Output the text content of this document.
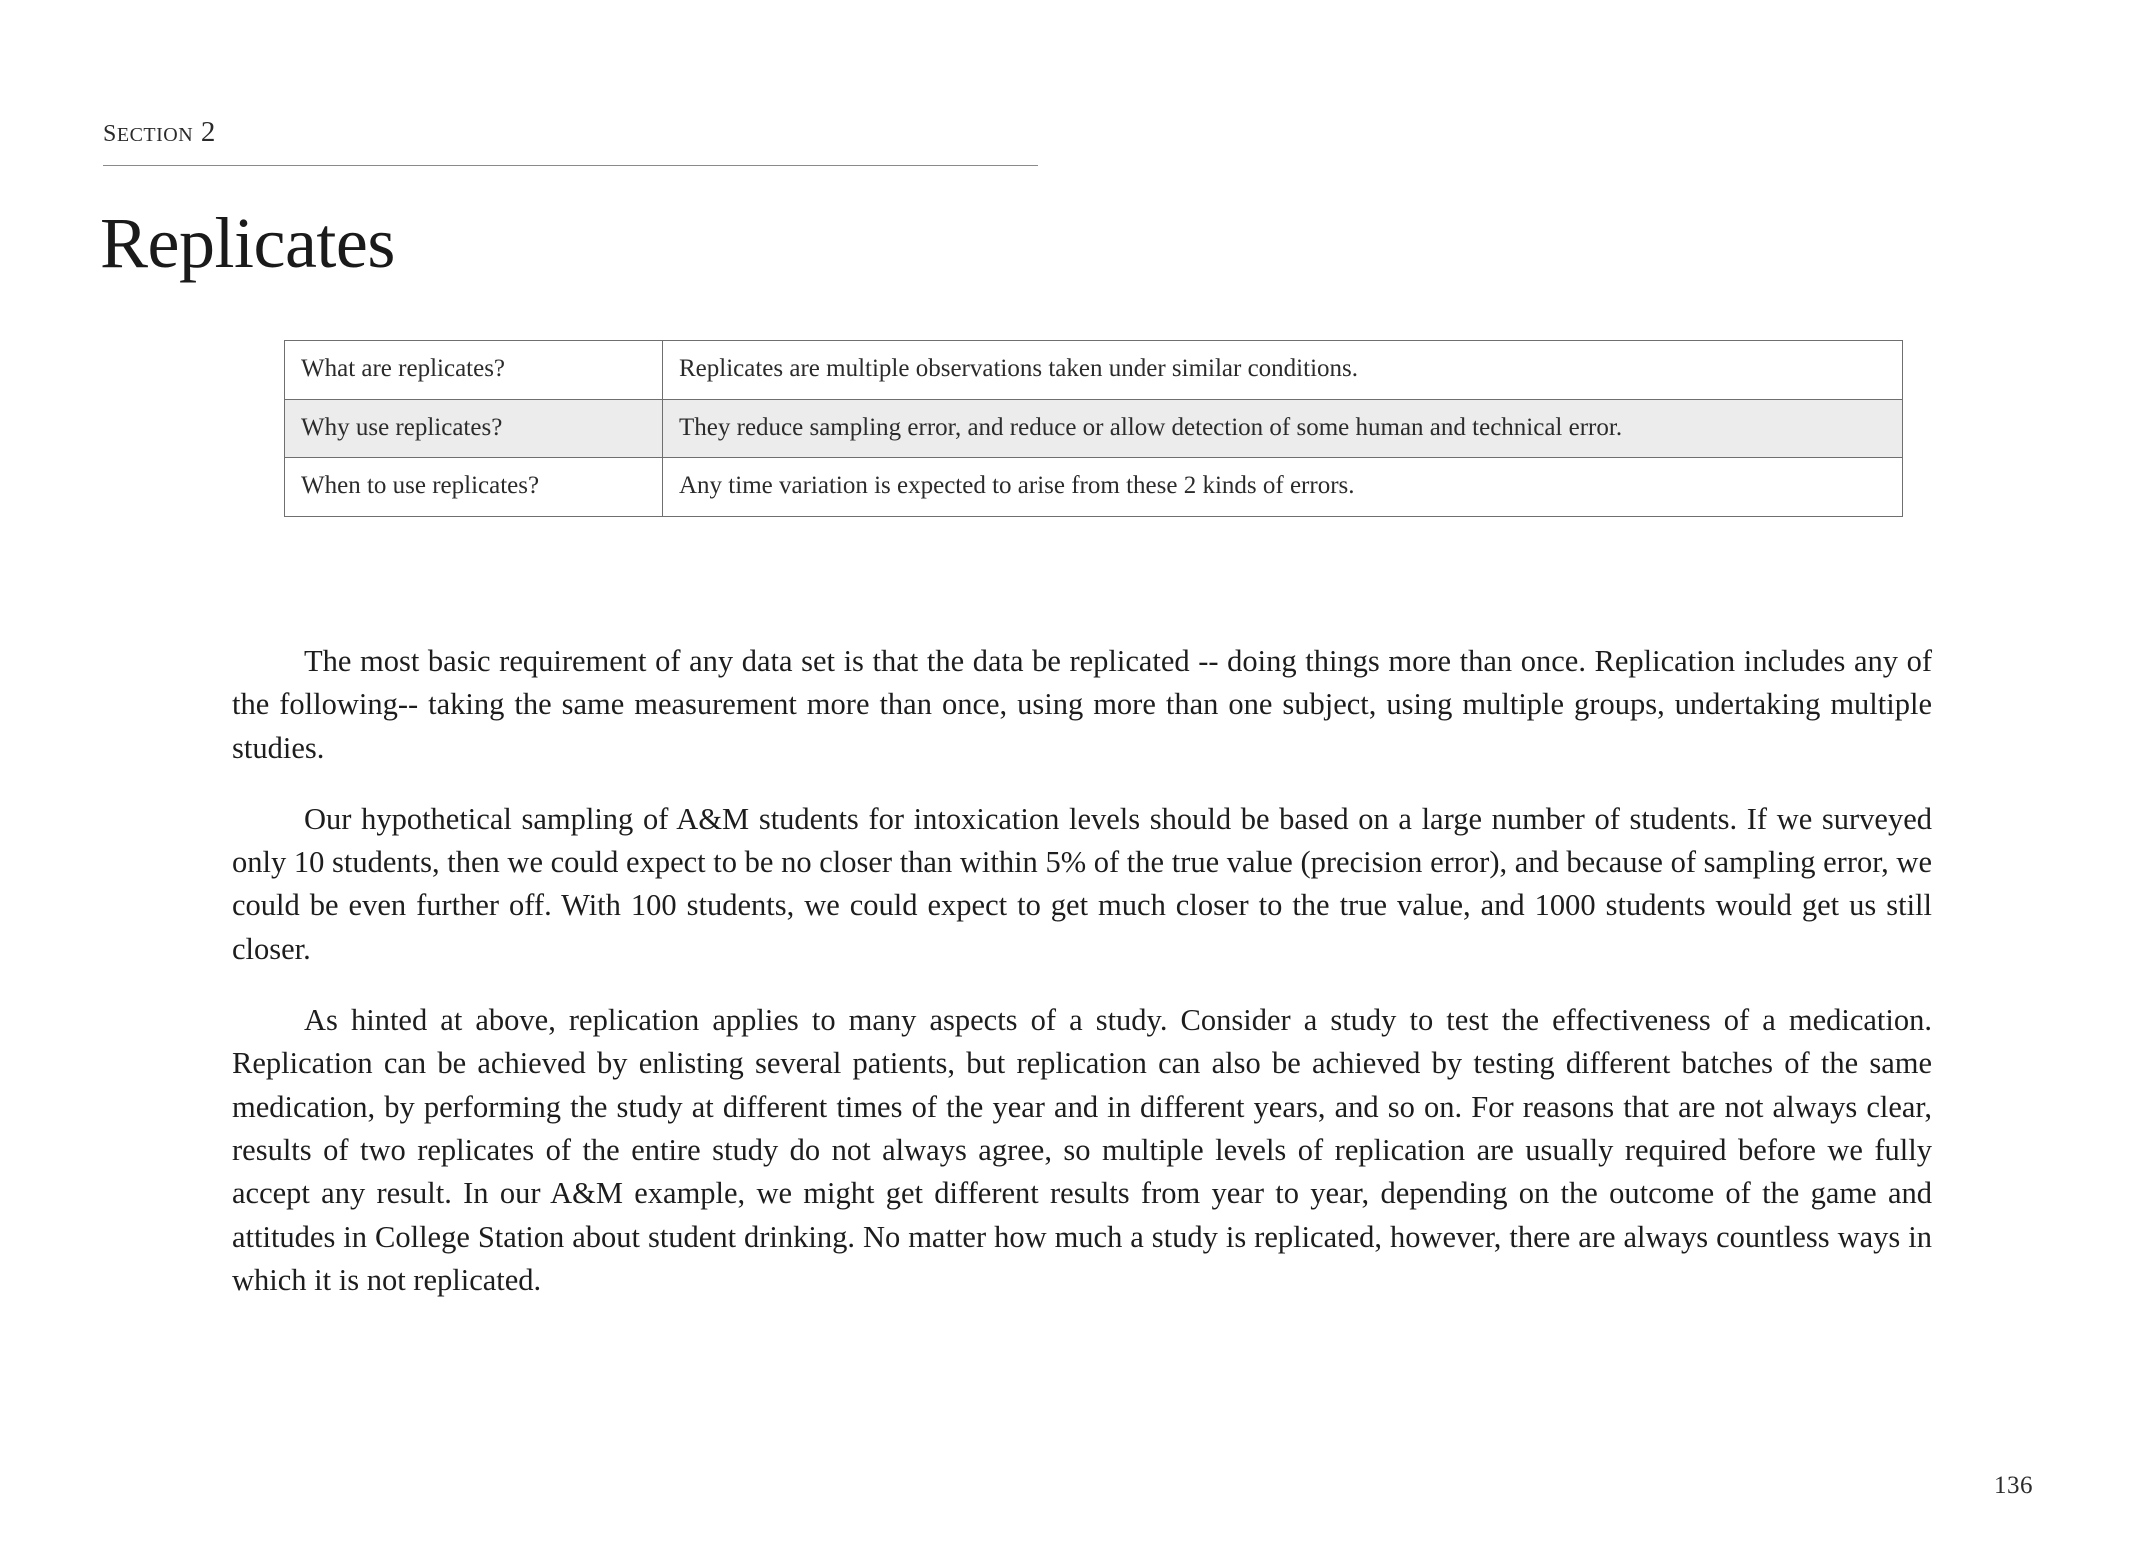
section 2
Replicates
What are replicates?	Replicates are multiple observations taken under similar conditions.
Why use replicates?	They reduce sampling error, and reduce or allow detection of some human and technical error.
When to use replicates?	Any time variation is expected to arise from these 2 kinds of errors.

The most basic requirement of any data set is that the data be replicated -- doing things more than once. Replication includes any of the following-- taking the same measurement more than once, using more than one subject, using multiple groups, undertaking multiple studies.

Our hypothetical sampling of A&M students for intoxication levels should be based on a large number of students. If we surveyed only 10 students, then we could expect to be no closer than within 5% of the true value (precision error), and because of sampling error, we could be even further off. With 100 students, we could expect to get much closer to the true value, and 1000 students would get us still closer.

As hinted at above, replication applies to many aspects of a study. Consider a study to test the effectiveness of a medication. Replication can be achieved by enlisting several patients, but replication can also be achieved by testing different batches of the same medication, by performing the study at different times of the year and in different years, and so on. For reasons that are not always clear, results of two replicates of the entire study do not always agree, so multiple levels of replication are usually required before we fully accept any result. In our A&M example, we might get different results from year to year, depending on the outcome of the game and attitudes in College Station about student drinking. No matter how much a study is replicated, however, there are always countless ways in which it is not replicated.

136
